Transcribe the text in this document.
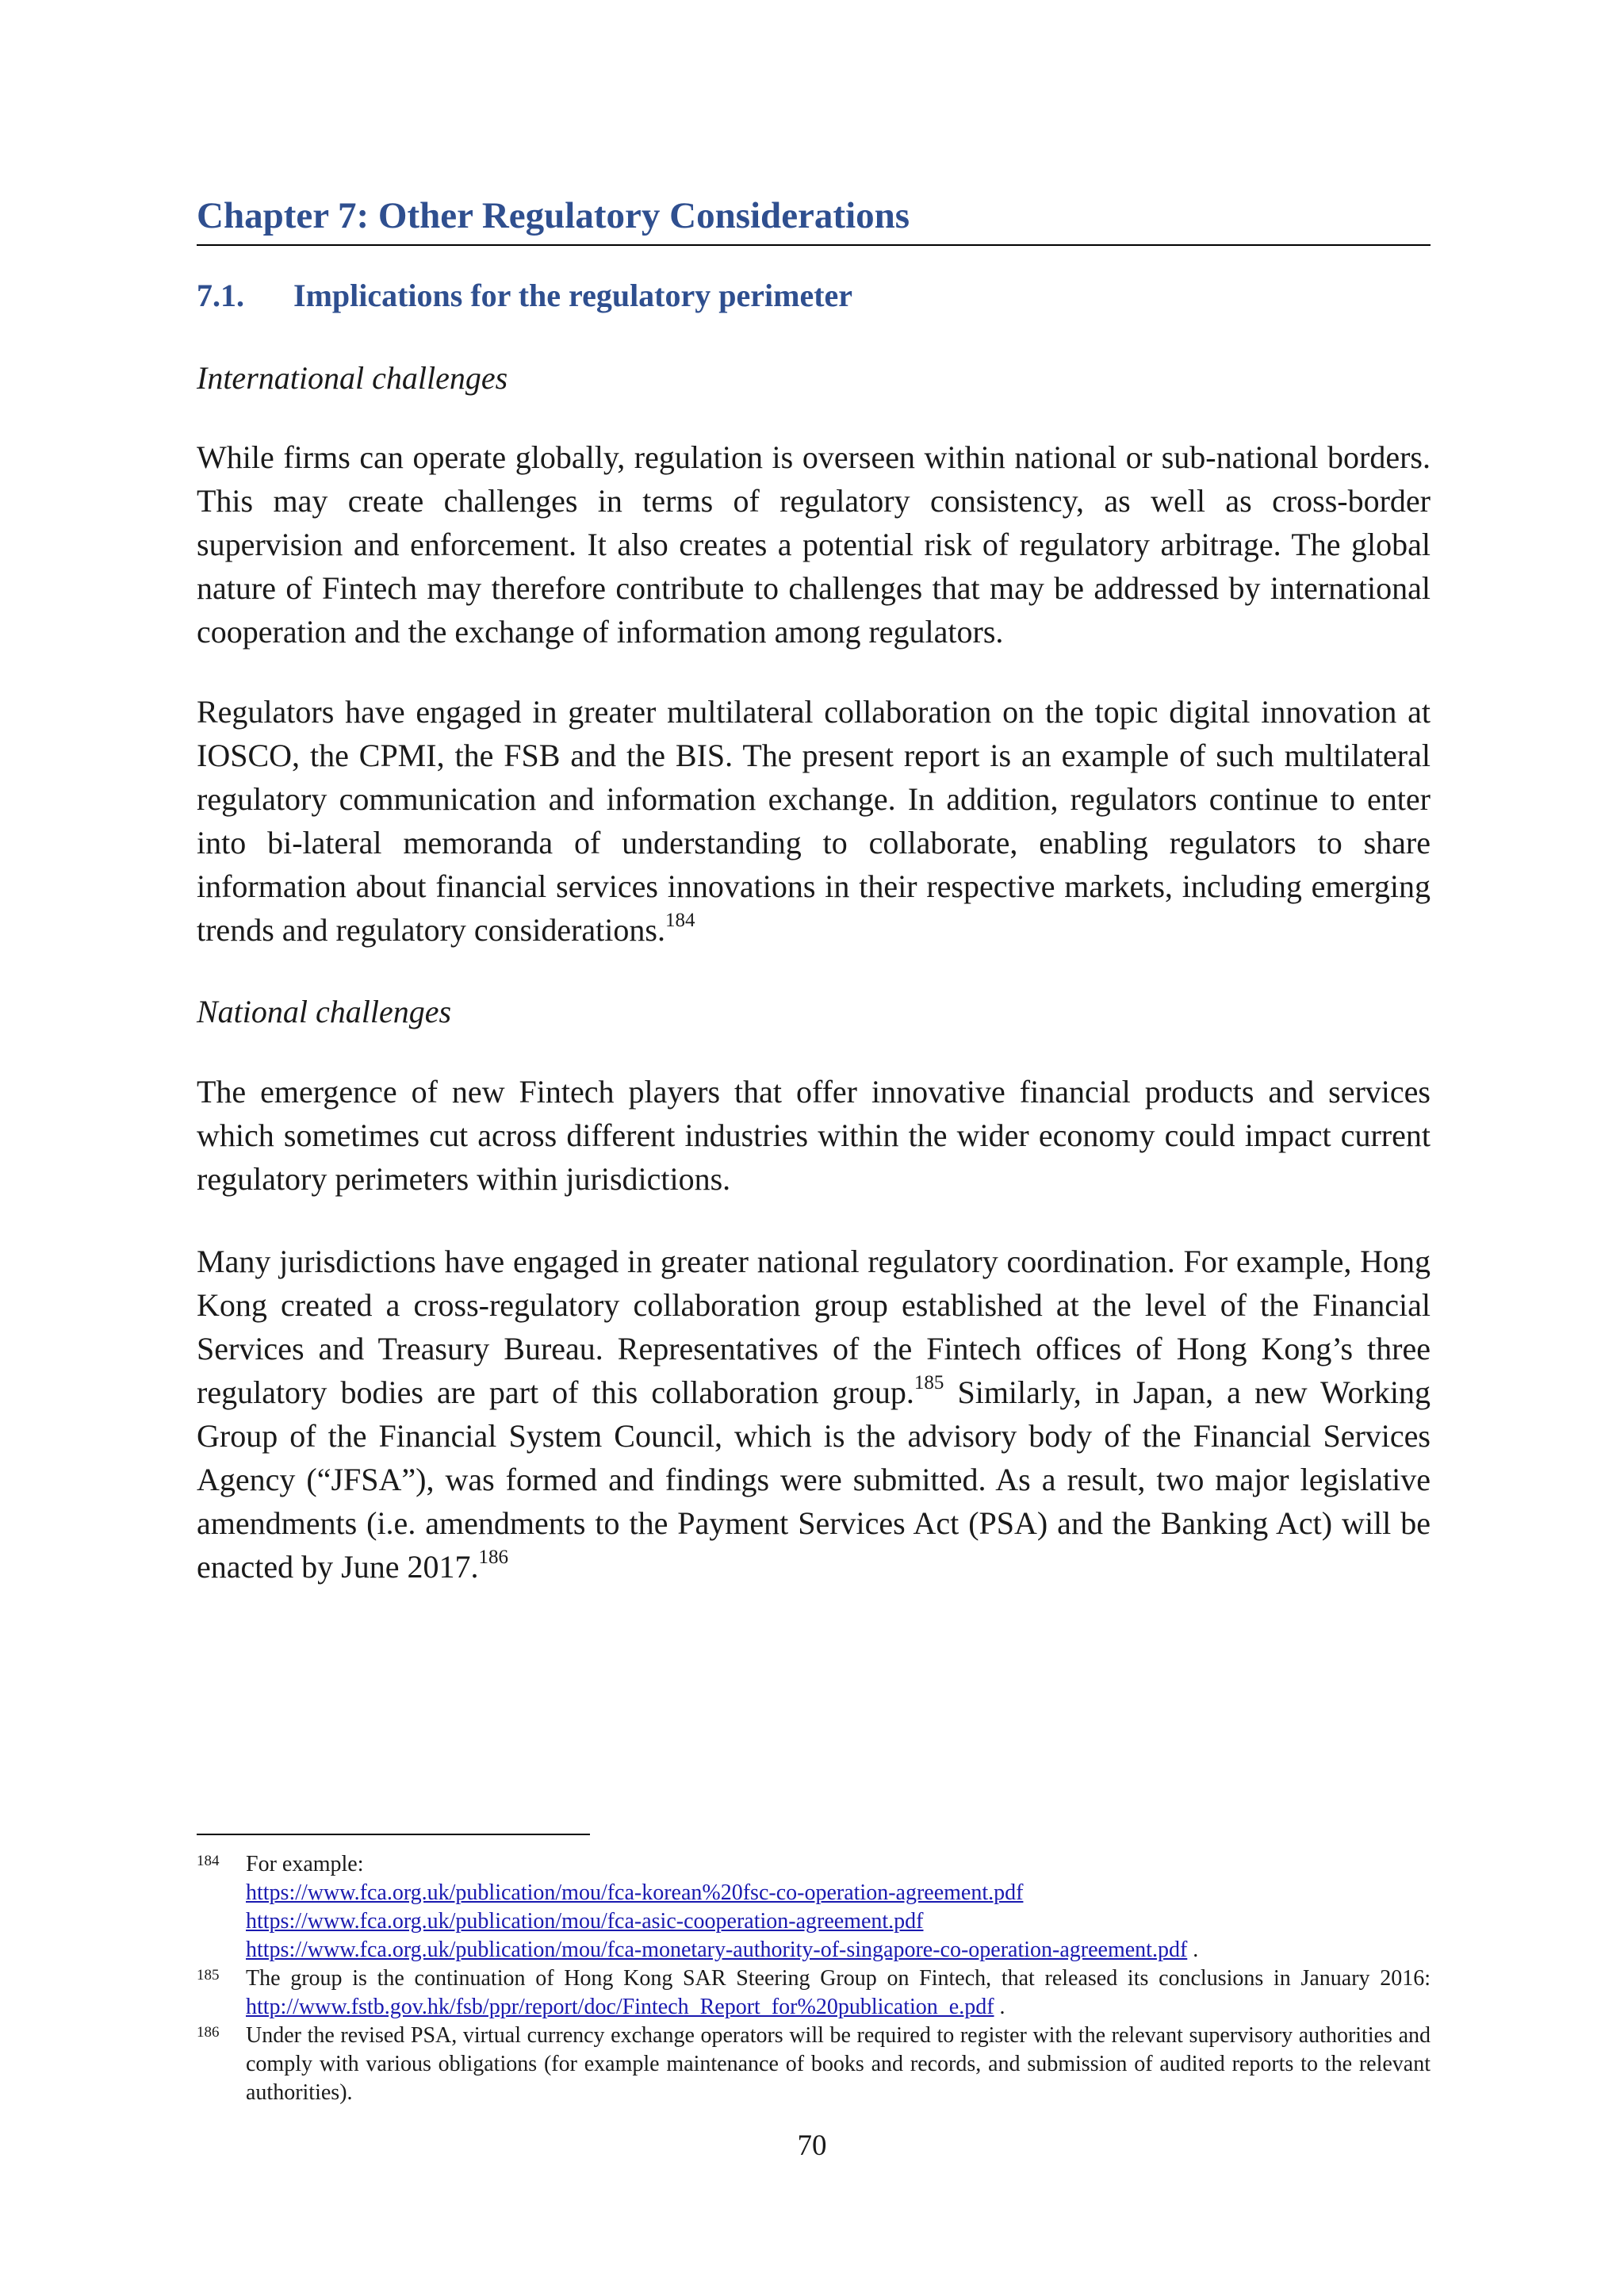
Chapter 7: Other Regulatory Considerations
7.1. Implications for the regulatory perimeter

International challenges

While firms can operate globally, regulation is overseen within national or sub-national borders. This may create challenges in terms of regulatory consistency, as well as cross-border supervision and enforcement. It also creates a potential risk of regulatory arbitrage. The global nature of Fintech may therefore contribute to challenges that may be addressed by international cooperation and the exchange of information among regulators.

Regulators have engaged in greater multilateral collaboration on the topic digital innovation at IOSCO, the CPMI, the FSB and the BIS. The present report is an example of such multilateral regulatory communication and information exchange. In addition, regulators continue to enter into bi-lateral memoranda of understanding to collaborate, enabling regulators to share information about financial services innovations in their respective markets, including emerging trends and regulatory considerations.$^{184}$

National challenges

The emergence of new Fintech players that offer innovative financial products and services which sometimes cut across different industries within the wider economy could impact current regulatory perimeters within jurisdictions.

Many jurisdictions have engaged in greater national regulatory coordination. For example, Hong Kong created a cross-regulatory collaboration group established at the level of the Financial Services and Treasury Bureau. Representatives of the Fintech offices of Hong Kong’s three regulatory bodies are part of this collaboration group.$^{185}$ Similarly, in Japan, a new Working Group of the Financial System Council, which is the advisory body of the Financial Services Agency (“JFSA”), was formed and findings were submitted. As a result, two major legislative amendments (i.e. amendments to the Payment Services Act (PSA) and the Banking Act) will be enacted by June 2017.$^{186}$

184 For example:
https://www.fca.org.uk/publication/mou/fca-korean%20fsc-co-operation-agreement.pdf
https://www.fca.org.uk/publication/mou/fca-asic-cooperation-agreement.pdf
https://www.fca.org.uk/publication/mou/fca-monetary-authority-of-singapore-co-operation-agreement.pdf .
185 The group is the continuation of Hong Kong SAR Steering Group on Fintech, that released its conclusions in January 2016: http://www.fstb.gov.hk/fsb/ppr/report/doc/Fintech_Report_for%20publication_e.pdf .
186 Under the revised PSA, virtual currency exchange operators will be required to register with the relevant supervisory authorities and comply with various obligations (for example maintenance of books and records, and submission of audited reports to the relevant authorities).
70
